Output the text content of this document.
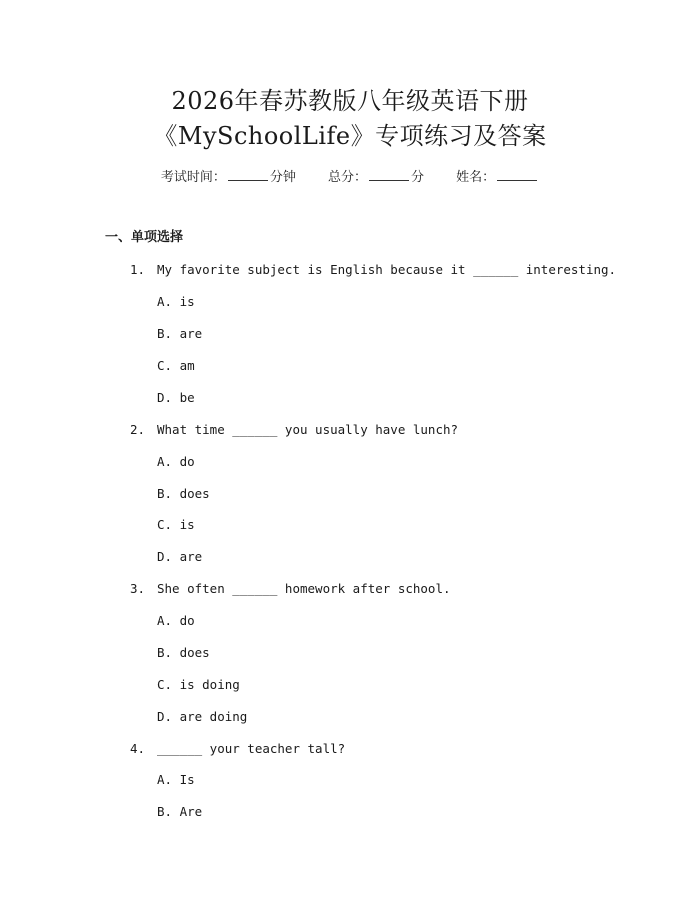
2026年春苏教版八年级英语下册
《MySchoolLife》专项练习及答案
考试时间：	分钟 总分：	分 姓名：
一、单项选择
1. My favorite subject is English because it ______ interesting.
A. is
B. are
C. am
D. be
2. What time ______ you usually have lunch?
A. do
B. does
C. is
D. are
3. She often ______ homework after school.
A. do
B. does
C. is doing
D. are doing
4. ______ your teacher tall?
A. Is
B. Are
